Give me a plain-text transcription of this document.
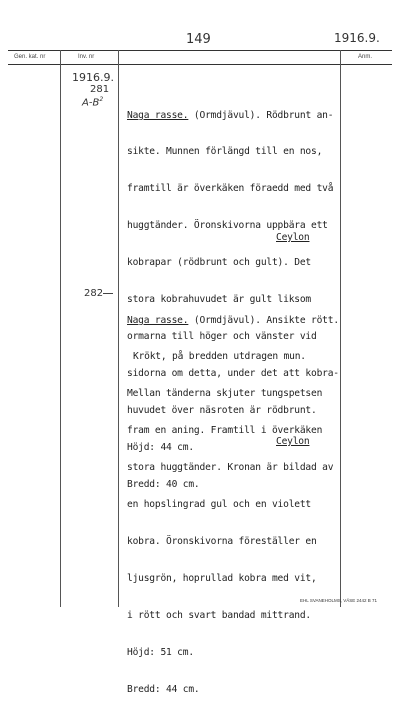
149	1916.9.
Gen. kat. nr	Inv. nr	Anm.
1916.9.
281
$A-B^2$

Naga rasse. (Ormdjävul). Rödbrunt an-

sikte. Munnen förlängd till en nos,

framtill är överkäken föraedd med två

huggtänder. Öronskivorna uppbära ett

kobrapar (rödbrunt och gult). Det

stora kobrahuvudet är gult liksom

ormarna till höger och vänster vid

sidorna om detta, under det att kobra-

huvudet över näsroten är rödbrunt.

Höjd: 44 cm.

Bredd: 40 cm.

Ceylon
282

Naga rasse. (Ormdjävul). Ansikte rött.

Krökt, på bredden utdragen mun.

Mellan tänderna skjuter tungspetsen

fram en aning. Framtill i överkäken

stora huggtänder. Kronan är bildad av

en hopslingrad gul och en violett

kobra. Öronskivorna föreställer en

ljusgrön, hoprullad kobra med vit,

i rött och svart bandad mittrand.

Höjd: 51 cm.

Bredd: 44 cm.

Ceylon
EHL SVANEHOLMS, VÄSE 2442 B 71
